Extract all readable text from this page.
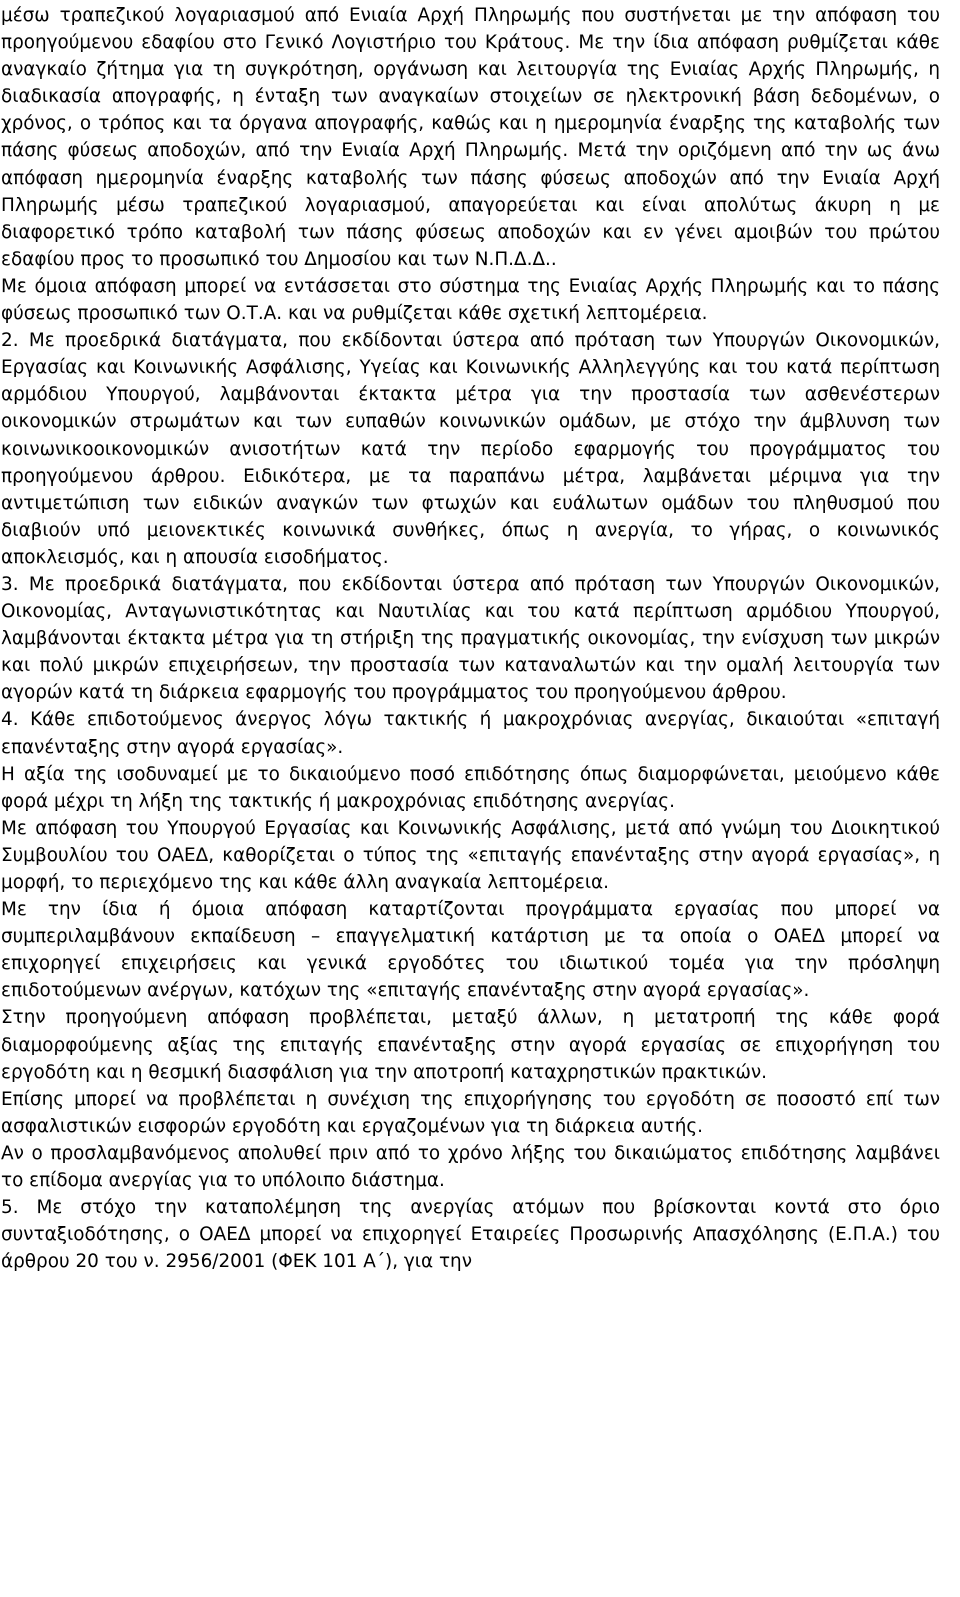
μέσω τραπεζικού λογαριασμού από Ενιαία Αρχή Πληρωμής που συστήνεται με την απόφαση του προηγούμενου εδαφίου στο Γενικό Λογιστήριο του Κράτους. Με την ίδια απόφαση ρυθμίζεται κάθε αναγκαίο ζήτημα για τη συγκρότηση, οργάνωση και λειτουργία της Ενιαίας Αρχής Πληρωμής, η διαδικασία απογραφής, η ένταξη των αναγκαίων στοιχείων σε ηλεκτρονική βάση δεδομένων, ο χρόνος, ο τρόπος και τα όργανα απογραφής, καθώς και η ημερομηνία έναρξης της καταβολής των πάσης φύσεως αποδοχών, από την Ενιαία Αρχή Πληρωμής. Μετά την οριζόμενη από την ως άνω απόφαση ημερομηνία έναρξης καταβολής των πάσης φύσεως αποδοχών από την Ενιαία Αρχή Πληρωμής μέσω τραπεζικού λογαριασμού, απαγορεύεται και είναι απολύτως άκυρη η με διαφορετικό τρόπο καταβολή των πάσης φύσεως αποδοχών και εν γένει αμοιβών του πρώτου εδαφίου προς το προσωπικό του Δημοσίου και των Ν.Π.Δ.Δ..

Με όμοια απόφαση μπορεί να εντάσσεται στο σύστημα της Ενιαίας Αρχής Πληρωμής και το πάσης φύσεως προσωπικό των Ο.Τ.Α. και να ρυθμίζεται κάθε σχετική λεπτομέρεια.

2. Με προεδρικά διατάγματα, που εκδίδονται ύστερα από πρόταση των Υπουργών Οικονομικών, Εργασίας και Κοινωνικής Ασφάλισης, Υγείας και Κοινωνικής Αλληλεγγύης και του κατά περίπτωση αρμόδιου Υπουργού, λαμβάνονται έκτακτα μέτρα για την προστασία των ασθενέστερων οικονομικών στρωμάτων και των ευπαθών κοινωνικών ομάδων, με στόχο την άμβλυνση των κοινωνικοοικονομικών ανισοτήτων κατά την περίοδο εφαρμογής του προγράμματος του προηγούμενου άρθρου. Ειδικότερα, με τα παραπάνω μέτρα, λαμβάνεται μέριμνα για την αντιμετώπιση των ειδικών αναγκών των φτωχών και ευάλωτων ομάδων του πληθυσμού που διαβιούν υπό μειονεκτικές κοινωνικά συνθήκες, όπως η ανεργία, το γήρας, ο κοινωνικός αποκλεισμός, και η απουσία εισοδήματος.

3. Με προεδρικά διατάγματα, που εκδίδονται ύστερα από πρόταση των Υπουργών Οικονομικών, Οικονομίας, Ανταγωνιστικότητας και Ναυτιλίας και του κατά περίπτωση αρμόδιου Υπουργού, λαμβάνονται έκτακτα μέτρα για τη στήριξη της πραγματικής οικονομίας, την ενίσχυση των μικρών και πολύ μικρών επιχειρήσεων, την προστασία των καταναλωτών και την ομαλή λειτουργία των αγορών κατά τη διάρκεια εφαρμογής του προγράμματος του προηγούμενου άρθρου.

4. Κάθε επιδοτούμενος άνεργος λόγω τακτικής ή μακροχρόνιας ανεργίας, δικαιούται «επιταγή επανένταξης στην αγορά εργασίας».

Η αξία της ισοδυναμεί με το δικαιούμενο ποσό επιδότησης όπως διαμορφώνεται, μειούμενο κάθε φορά μέχρι τη λήξη της τακτικής ή μακροχρόνιας επιδότησης ανεργίας.

Με απόφαση του Υπουργού Εργασίας και Κοινωνικής Ασφάλισης, μετά από γνώμη του Διοικητικού Συμβουλίου του ΟΑΕΔ, καθορίζεται ο τύπος της «επιταγής επανένταξης στην αγορά εργασίας», η μορφή, το περιεχόμενο της και κάθε άλλη αναγκαία λεπτομέρεια.

Με την ίδια ή όμοια απόφαση καταρτίζονται προγράμματα εργασίας που μπορεί να συμπεριλαμβάνουν εκπαίδευση – επαγγελματική κατάρτιση με τα οποία ο ΟΑΕΔ μπορεί να επιχορηγεί επιχειρήσεις και γενικά εργοδότες του ιδιωτικού τομέα για την πρόσληψη επιδοτούμενων ανέργων, κατόχων της «επιταγής επανένταξης στην αγορά εργασίας».

Στην προηγούμενη απόφαση προβλέπεται, μεταξύ άλλων, η μετατροπή της κάθε φορά διαμορφούμενης αξίας της επιταγής επανένταξης στην αγορά εργασίας σε επιχορήγηση του εργοδότη και η θεσμική διασφάλιση για την αποτροπή καταχρηστικών πρακτικών.

Επίσης μπορεί να προβλέπεται η συνέχιση της επιχορήγησης του εργοδότη σε ποσοστό επί των ασφαλιστικών εισφορών εργοδότη και εργαζομένων για τη διάρκεια αυτής.

Αν ο προσλαμβανόμενος απολυθεί πριν από το χρόνο λήξης του δικαιώματος επιδότησης λαμβάνει το επίδομα ανεργίας για το υπόλοιπο διάστημα.

5. Με στόχο την καταπολέμηση της ανεργίας ατόμων που βρίσκονται κοντά στο όριο συνταξιοδότησης, ο ΟΑΕΔ μπορεί να επιχορηγεί Εταιρείες Προσωρινής Απασχόλησης (Ε.Π.Α.) του άρθρου 20 του ν. 2956/2001 (ΦΕΚ 101 Α΄), για την
